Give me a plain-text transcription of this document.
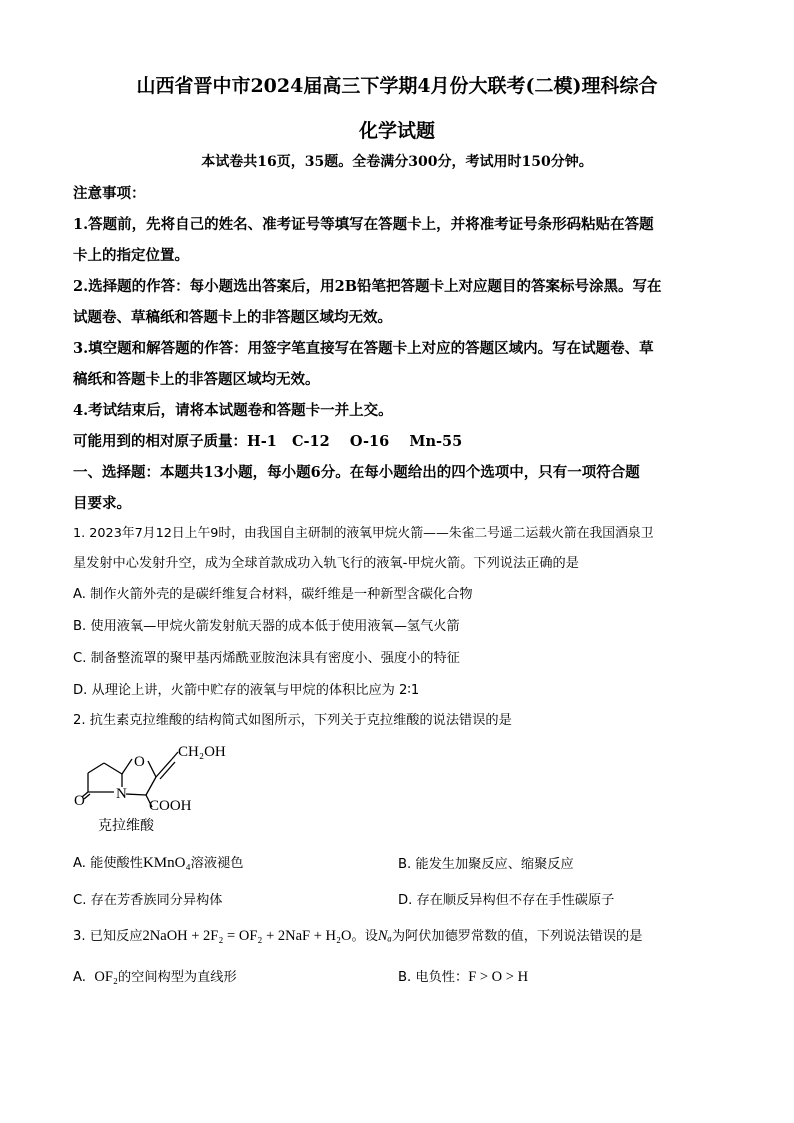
山西省晋中市2024届高三下学期4月份大联考(二模)理科综合
化学试题
本试卷共16页，35题。全卷满分300分，考试用时150分钟。
注意事项：
1.答题前，先将自己的姓名、准考证号等填写在答题卡上，并将准考证号条形码粘贴在答题
卡上的指定位置。
2.选择题的作答：每小题选出答案后，用2B铅笔把答题卡上对应题目的答案标号涂黑。写在
试题卷、草稿纸和答题卡上的非答题区域均无效。
3.填空题和解答题的作答：用签字笔直接写在答题卡上对应的答题区域内。写在试题卷、草
稿纸和答题卡上的非答题区域均无效。
4.考试结束后，请将本试题卷和答题卡一并上交。
可能用到的相对原子质量：H-1   C-12    O-16    Mn-55
一、选择题：本题共13小题，每小题6分。在每小题给出的四个选项中，只有一项符合题
目要求。
1. 2023年7月12日上午9时，由我国自主研制的液氧甲烷火箭——朱雀二号遥二运载火箭在我国酒泉卫
星发射中心发射升空，成为全球首款成功入轨飞行的液氧-甲烷火箭。下列说法正确的是
A. 制作火箭外壳的是碳纤维复合材料，碳纤维是一种新型含碳化合物
B. 使用液氧—甲烷火箭发射航天器的成本低于使用液氧—氢气火箭
C. 制备整流罩的聚甲基丙烯酰亚胺泡沫具有密度小、强度小的特征
D. 从理论上讲，火箭中贮存的液氧与甲烷的体积比应为 2∶1
2. 抗生素克拉维酸的结构简式如图所示，下列关于克拉维酸的说法错误的是
CH₂OH
O
N
O	COOH
克拉维酸
A. 能使酸性KMnO₄溶液褪色	B. 能发生加聚反应、缩聚反应
C. 存在芳香族同分异构体	D. 存在顺反异构但不存在手性碳原子
3. 已知反应2NaOH + 2F₂ = OF₂ + 2NaF + H₂O。设Nₐ为阿伏加德罗常数的值，下列说法错误的是
A.  OF₂的空间构型为直线形	B. 电负性：F > O > H
